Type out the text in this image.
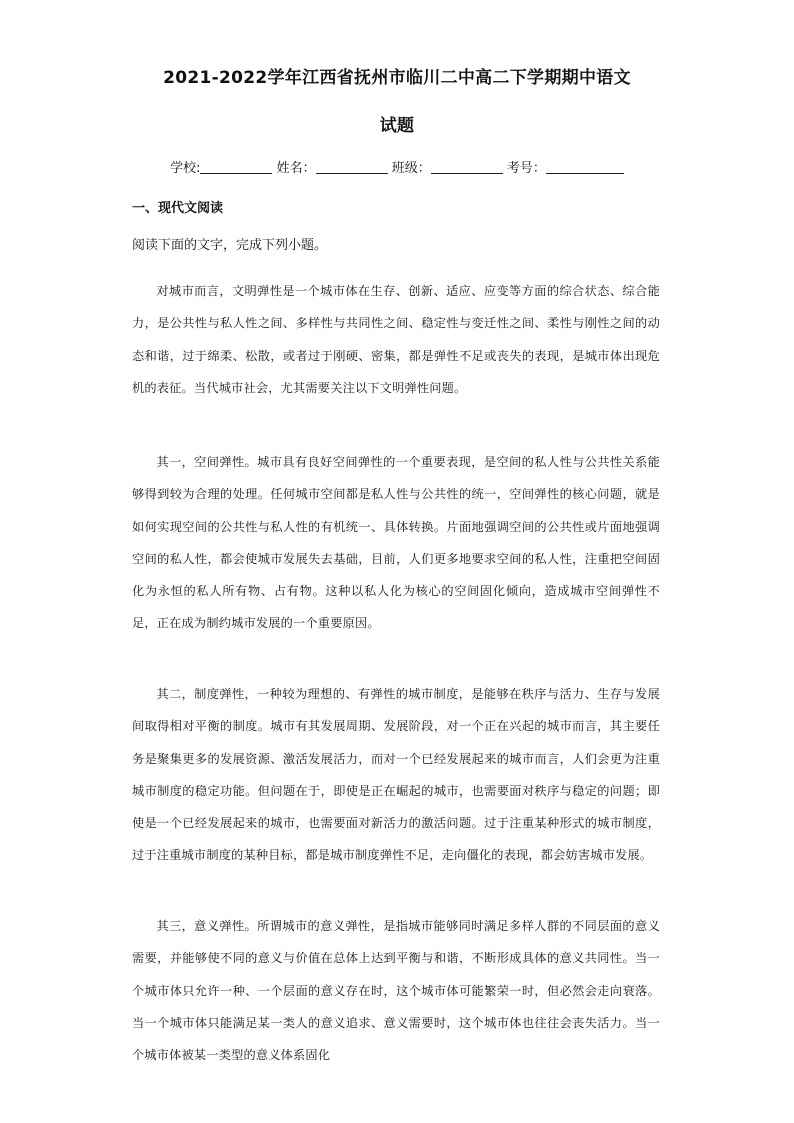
2021-2022学年江西省抚州市临川二中高二下学期期中语文
试题
学校:	姓名：	班级：	考号：
一、现代文阅读
阅读下面的文字，完成下列小题。

对城市而言，文明弹性是一个城市体在生存、创新、适应、应变等方面的综合状态、综合能力，是公共性与私人性之间、多样性与共同性之间、稳定性与变迁性之间、柔性与刚性之间的动态和谐，过于绵柔、松散，或者过于刚硬、密集，都是弹性不足或丧失的表现，是城市体出现危机的表征。当代城市社会，尤其需要关注以下文明弹性问题。

其一，空间弹性。城市具有良好空间弹性的一个重要表现，是空间的私人性与公共性关系能够得到较为合理的处理。任何城市空间都是私人性与公共性的统一，空间弹性的核心问题，就是如何实现空间的公共性与私人性的有机统一、具体转换。片面地强调空间的公共性或片面地强调空间的私人性，都会使城市发展失去基础，目前，人们更多地要求空间的私人性，注重把空间固化为永恒的私人所有物、占有物。这种以私人化为核心的空间固化倾向，造成城市空间弹性不足，正在成为制约城市发展的一个重要原因。

其二，制度弹性，一种较为理想的、有弹性的城市制度，是能够在秩序与活力、生存与发展间取得相对平衡的制度。城市有其发展周期、发展阶段，对一个正在兴起的城市而言，其主要任务是聚集更多的发展资源、激活发展活力，而对一个已经发展起来的城市而言，人们会更为注重城市制度的稳定功能。但问题在于，即使是正在崛起的城市，也需要面对秩序与稳定的问题；即使是一个已经发展起来的城市，也需要面对新活力的激活问题。过于注重某种形式的城市制度，过于注重城市制度的某种目标，都是城市制度弹性不足，走向僵化的表现，都会妨害城市发展。

其三，意义弹性。所谓城市的意义弹性，是指城市能够同时满足多样人群的不同层面的意义需要，并能够使不同的意义与价值在总体上达到平衡与和谐，不断形成具体的意义共同性。当一个城市体只允许一种、一个层面的意义存在时，这个城市体可能繁荣一时，但必然会走向衰落。当一个城市体只能满足某一类人的意义追求、意义需要时，这个城市体也往往会丧失活力。当一个城市体被某一类型的意义体系固化
